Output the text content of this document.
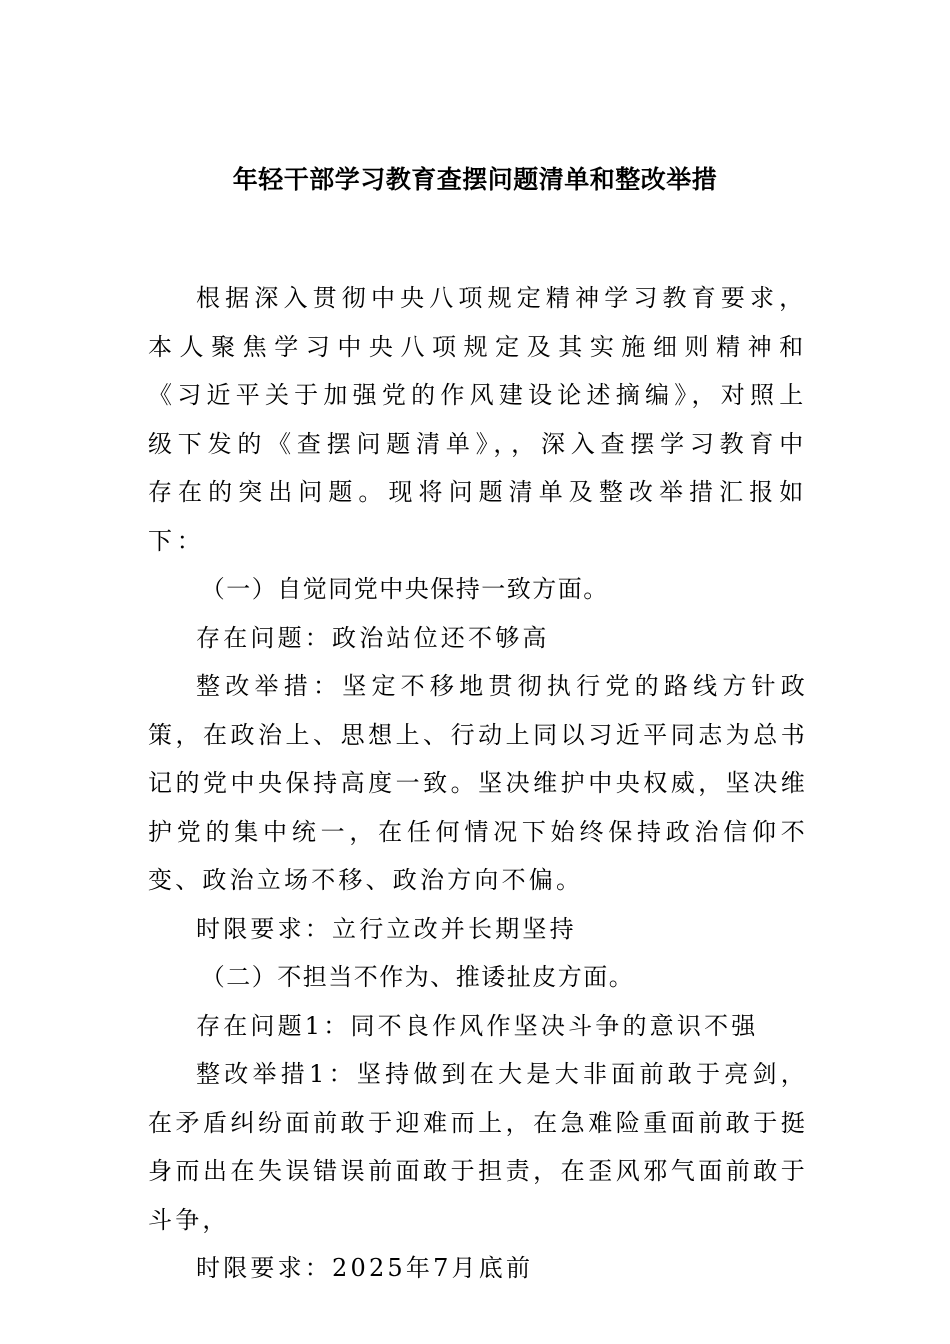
年轻干部学习教育查摆问题清单和整改举措

根据深入贯彻中央八项规定精神学习教育要求，本人聚焦学习中央八项规定及其实施细则精神和《习近平关于加强党的作风建设论述摘编》，对照上级下发的《查摆问题清单》，，深入查摆学习教育中存在的突出问题。现将问题清单及整改举措汇报如下：

（一）自觉同党中央保持一致方面。

存在问题：政治站位还不够高

整改举措：坚定不移地贯彻执行党的路线方针政策，在政治上、思想上、行动上同以习近平同志为总书记的党中央保持高度一致。坚决维护中央权威，坚决维护党的集中统一，在任何情况下始终保持政治信仰不变、政治立场不移、政治方向不偏。

时限要求：立行立改并长期坚持

（二）不担当不作为、推诿扯皮方面。

存在问题1：同不良作风作坚决斗争的意识不强

整改举措1：坚持做到在大是大非面前敢于亮剑，在矛盾纠纷面前敢于迎难而上，在急难险重面前敢于挺身而出在失误错误前面敢于担责，在歪风邪气面前敢于斗争，

时限要求：2025年7月底前
